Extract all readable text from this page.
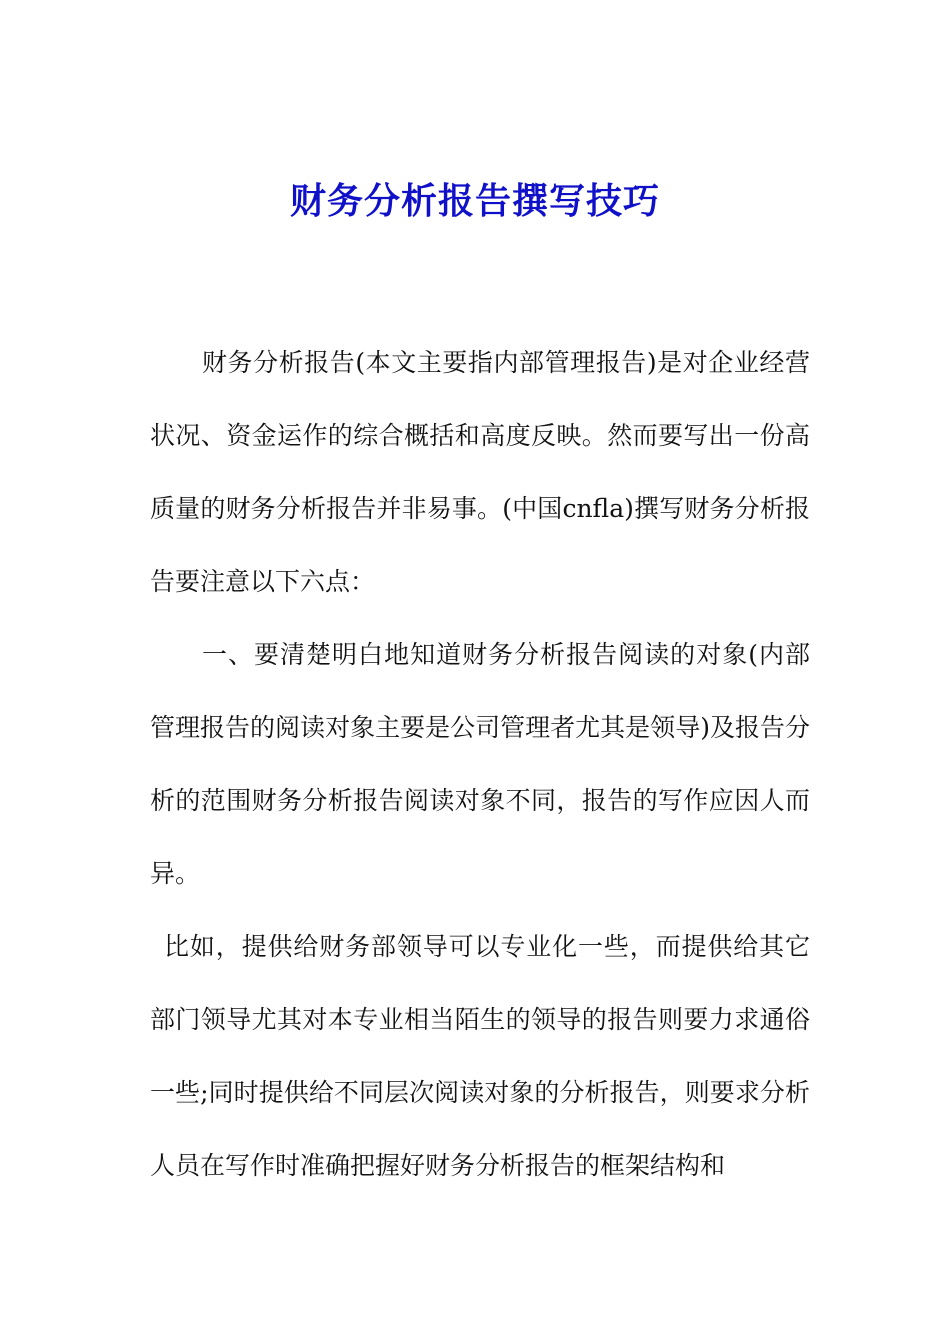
财务分析报告撰写技巧

财务分析报告(本文主要指内部管理报告)是对企业经营状况、资金运作的综合概括和高度反映。然而要写出一份高质量的财务分析报告并非易事。(中国cnfla)撰写财务分析报告要注意以下六点：

一、要清楚明白地知道财务分析报告阅读的对象(内部管理报告的阅读对象主要是公司管理者尤其是领导)及报告分析的范围财务分析报告阅读对象不同，报告的写作应因人而异。

比如，提供给财务部领导可以专业化一些，而提供给其它部门领导尤其对本专业相当陌生的领导的报告则要力求通俗一些;同时提供给不同层次阅读对象的分析报告，则要求分析人员在写作时准确把握好财务分析报告的框架结构和
